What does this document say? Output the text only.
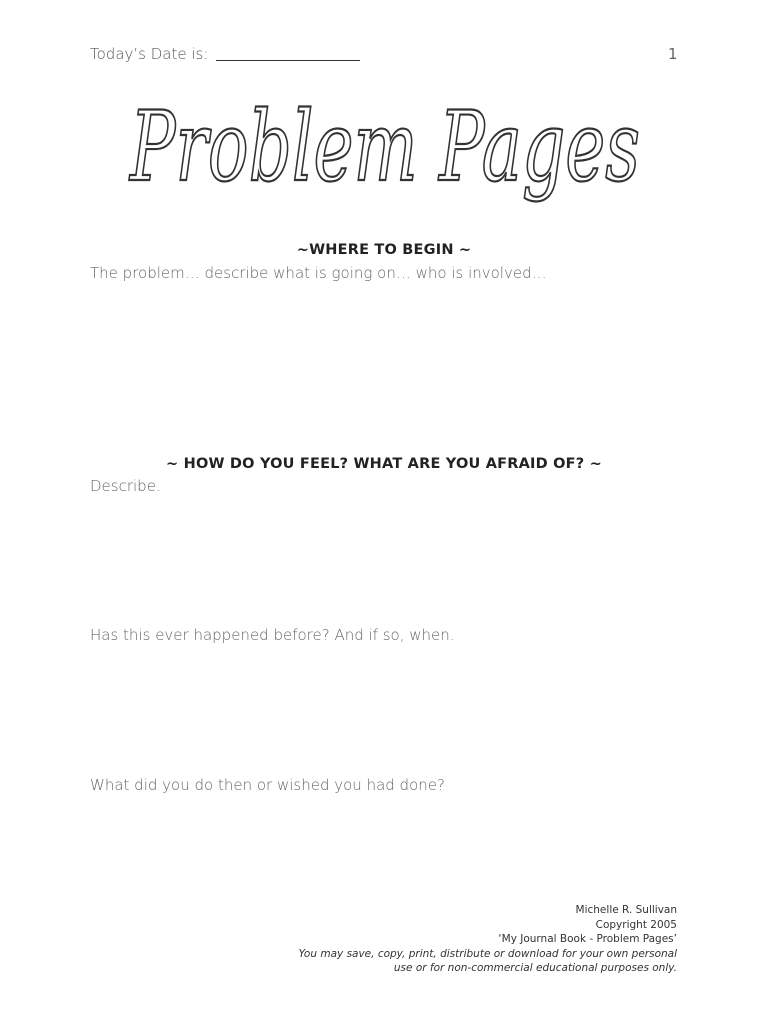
Today’s Date is:	1
Problem Pages
~WHERE TO BEGIN ~
The problem… describe what is going on… who is involved…
~ HOW DO YOU FEEL? WHAT ARE YOU AFRAID OF? ~
Describe.
Has this ever happened before? And if so, when.
What did you do then or wished you had done?
Michelle R. Sullivan
Copyright 2005
‘My Journal Book - Problem Pages’
You may save, copy, print, distribute or download for your own personal
use or for non-commercial educational purposes only.
